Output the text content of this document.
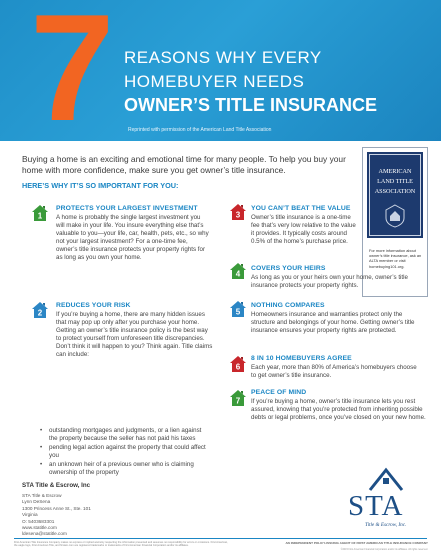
7 REASONS WHY EVERY
HOMEBUYER NEEDS
OWNER’S TITLE INSURANCE
Reprinted with permission of the American Land Title Association
Buying a home is an exciting and emotional time for many people. To help you buy your home with more confidence, make sure you get owner’s title insurance.
HERE’S WHY IT’S SO IMPORTANT FOR YOU:
AMERICAN
LAND TITLE
ASSOCIATION
For more information about owner’s title insurance, ask an ALTA member or visit homebuying101.org.
1
PROTECTS YOUR LARGEST INVESTMENT
A home is probably the single largest investment you will make in your life. You insure everything else that’s valuable to you—your life, car, health, pets, etc., so why not your largest investment? For a one-time fee, owner’s title insurance protects your property rights for as long as you own your home.
2
REDUCES YOUR RISK
If you’re buying a home, there are many hidden issues that may pop up only after you purchase your home. Getting an owner’s title insurance policy is the best way to protect yourself from unforeseen title discrepancies. Don’t think it will happen to you? Think again. Title claims can include:
• outstanding mortgages and judgments, or a lien against the property because the seller has not paid his taxes
• pending legal action against the property that could affect you
• an unknown heir of a previous owner who is claiming ownership of the property
3
YOU CAN’T BEAT THE VALUE
Owner’s title insurance is a one-time fee that’s very low relative to the value it provides. It typically costs around 0.5% of the home’s purchase price.
4
COVERS YOUR HEIRS
As long as you or your heirs own your home, owner’s title insurance protects your property rights.
5
NOTHING COMPARES
Homeowners insurance and warranties protect only the structure and belongings of your home. Getting owner’s title insurance ensures your property rights are protected.
6
8 IN 10 HOMEBUYERS AGREE
Each year, more than 80% of America’s homebuyers choose to get owner’s title insurance.
7
PEACE OF MIND
If you’re buying a home, owner’s title insurance lets you rest assured, knowing that you’re protected from inheriting possible debts or legal problems, once you’ve closed on your new home.
STA Title & Escrow, Inc
STA Title & Escrow
Lynn DeSena
1300 Princess Anne St., Ste. 101
Virginia
O: 5403683301
www.statitle.com
ldesena@statitle.com
STA
Title & Escrow, Inc.
First American Title Insurance Company makes no express or implied warranty respecting the information presented and assumes no responsibility for errors or omissions. First American, the eagle logo, First American Title, and firstam.com are registered trademarks or trademarks of First American Financial Corporation and/or its affiliates.
AN INDEPENDENT POLICY-ISSUING AGENT OF FIRST AMERICAN TITLE INSURANCE COMPANY
©2015 First American Financial Corporation and/or its affiliates. All rights reserved.
